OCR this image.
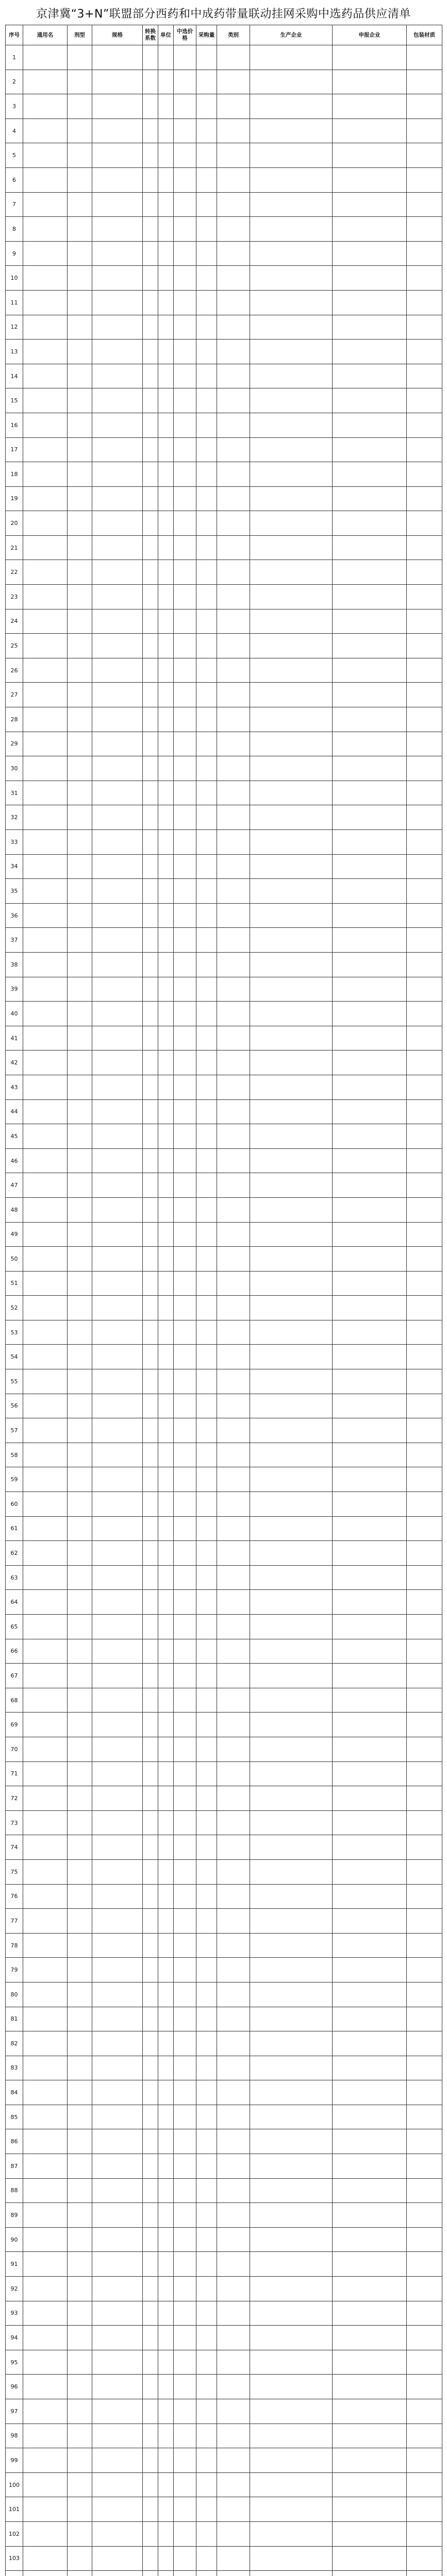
京津冀“3+N”联盟部分西药和中成药带量联动挂网采购中选药品供应清单
序号	通用名	剂型	规格	转换系数	单位	中选价格	采购量	类别	生产企业	申报企业	包装材质
1											
2											
3											
4											
5											
6											
7											
8											
9											
10											
11											
12											
13											
14											
15											
16											
17											
18											
19											
20											
21											
22											
23											
24											
25											
26											
27											
28											
29											
30											
31											
32											
33											
34											
35											
36											
37											
38											
39											
40											
41											
42											
43											
44											
45											
46											
47											
48											
49											
50											
51											
52											
53											
54											
55											
56											
57											
58											
59											
60											
61											
62											
63											
64											
65											
66											
67											
68											
69											
70											
71											
72											
73											
74											
75											
76											
77											
78											
79											
80											
81											
82											
83											
84											
85											
86											
87											
88											
89											
90											
91											
92											
93											
94											
95											
96											
97											
98											
99											
100											
101											
102											
103											
